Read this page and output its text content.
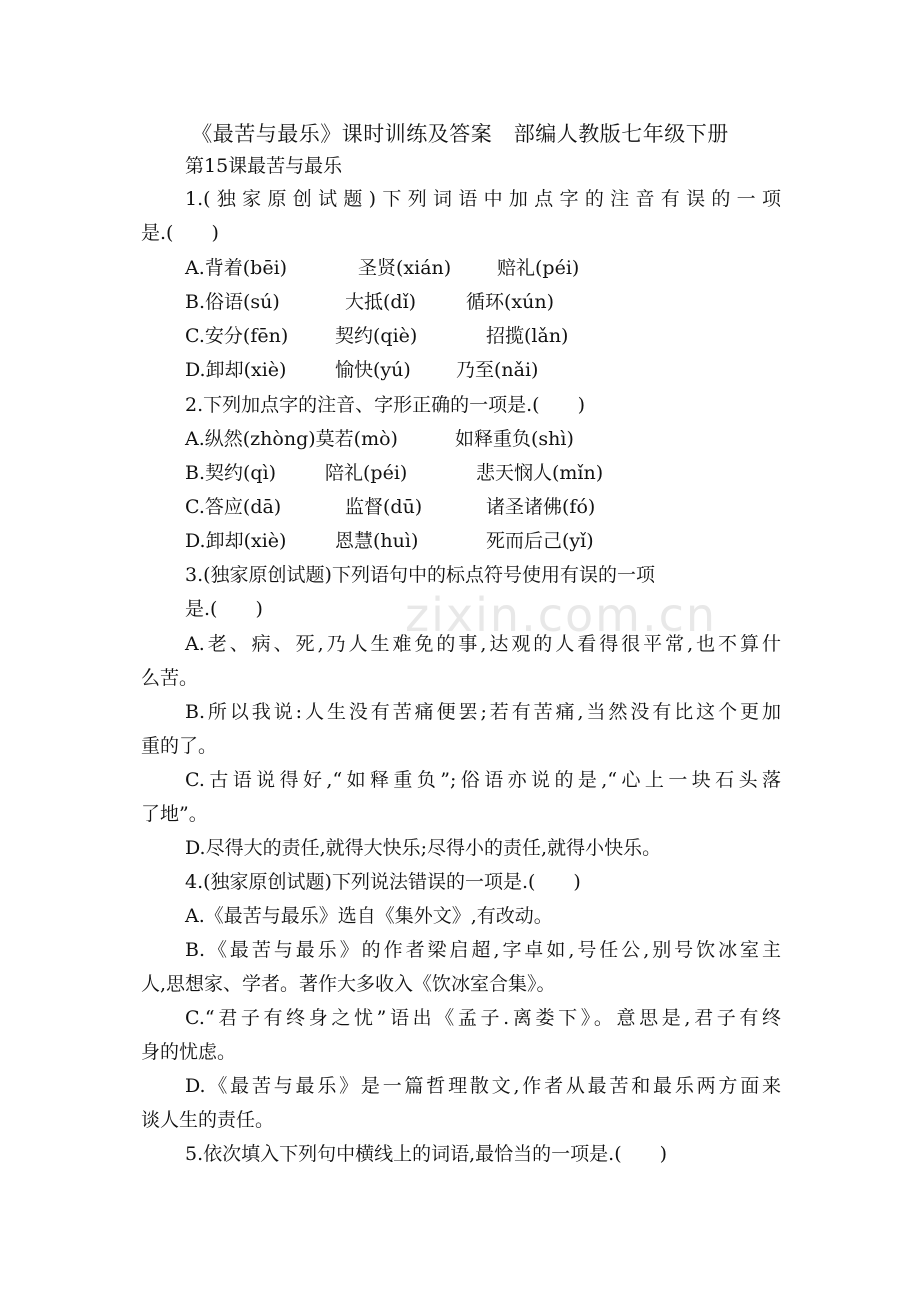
zixin.com.cn
《最苦与最乐》课时训练及答案　部编人教版七年级下册
第15课最苦与最乐
1.(独家原创试题)下列词语中加点字的注音有误的一项
是.(　　)
A.背着(bēi)	圣贤(xián) 赔礼(péi)
B.俗语(sú)	大抵(dǐ)	循环(xún)
C.安分(fēn) 契约(qiè)	招揽(lǎn)
D.卸却(xiè)	愉快(yú) 乃至(nǎi)
2.下列加点字的注音、字形正确的一项是.(　　)
A.纵然(zhòng)莫若(mò)	如释重负(shì)
B.契约(qì)	陪礼(péi)	悲天悯人(mǐn)
C.答应(dā)	监督(dū)	诸圣诸佛(fó)
D.卸却(xiè)	恩慧(huì)	死而后己(yǐ)
3.(独家原创试题)下列语句中的标点符号使用有误的一项
是.(　　)
A.老、病、死,乃人生难免的事,达观的人看得很平常,也不算什
么苦。
B.所以我说:人生没有苦痛便罢;若有苦痛,当然没有比这个更加
重的了。
C.古语说得好,“如释重负”;俗语亦说的是,“心上一块石头落
了地”。
D.尽得大的责任,就得大快乐;尽得小的责任,就得小快乐。
4.(独家原创试题)下列说法错误的一项是.(　　)
A.《最苦与最乐》选自《集外文》,有改动。
B.《最苦与最乐》的作者梁启超,字卓如,号任公,别号饮冰室主
人,思想家、学者。著作大多收入《饮冰室合集》。
C.“君子有终身之忧”语出《孟子.离娄下》。意思是,君子有终
身的忧虑。
D.《最苦与最乐》是一篇哲理散文,作者从最苦和最乐两方面来
谈人生的责任。
5.依次填入下列句中横线上的词语,最恰当的一项是.(　　)
